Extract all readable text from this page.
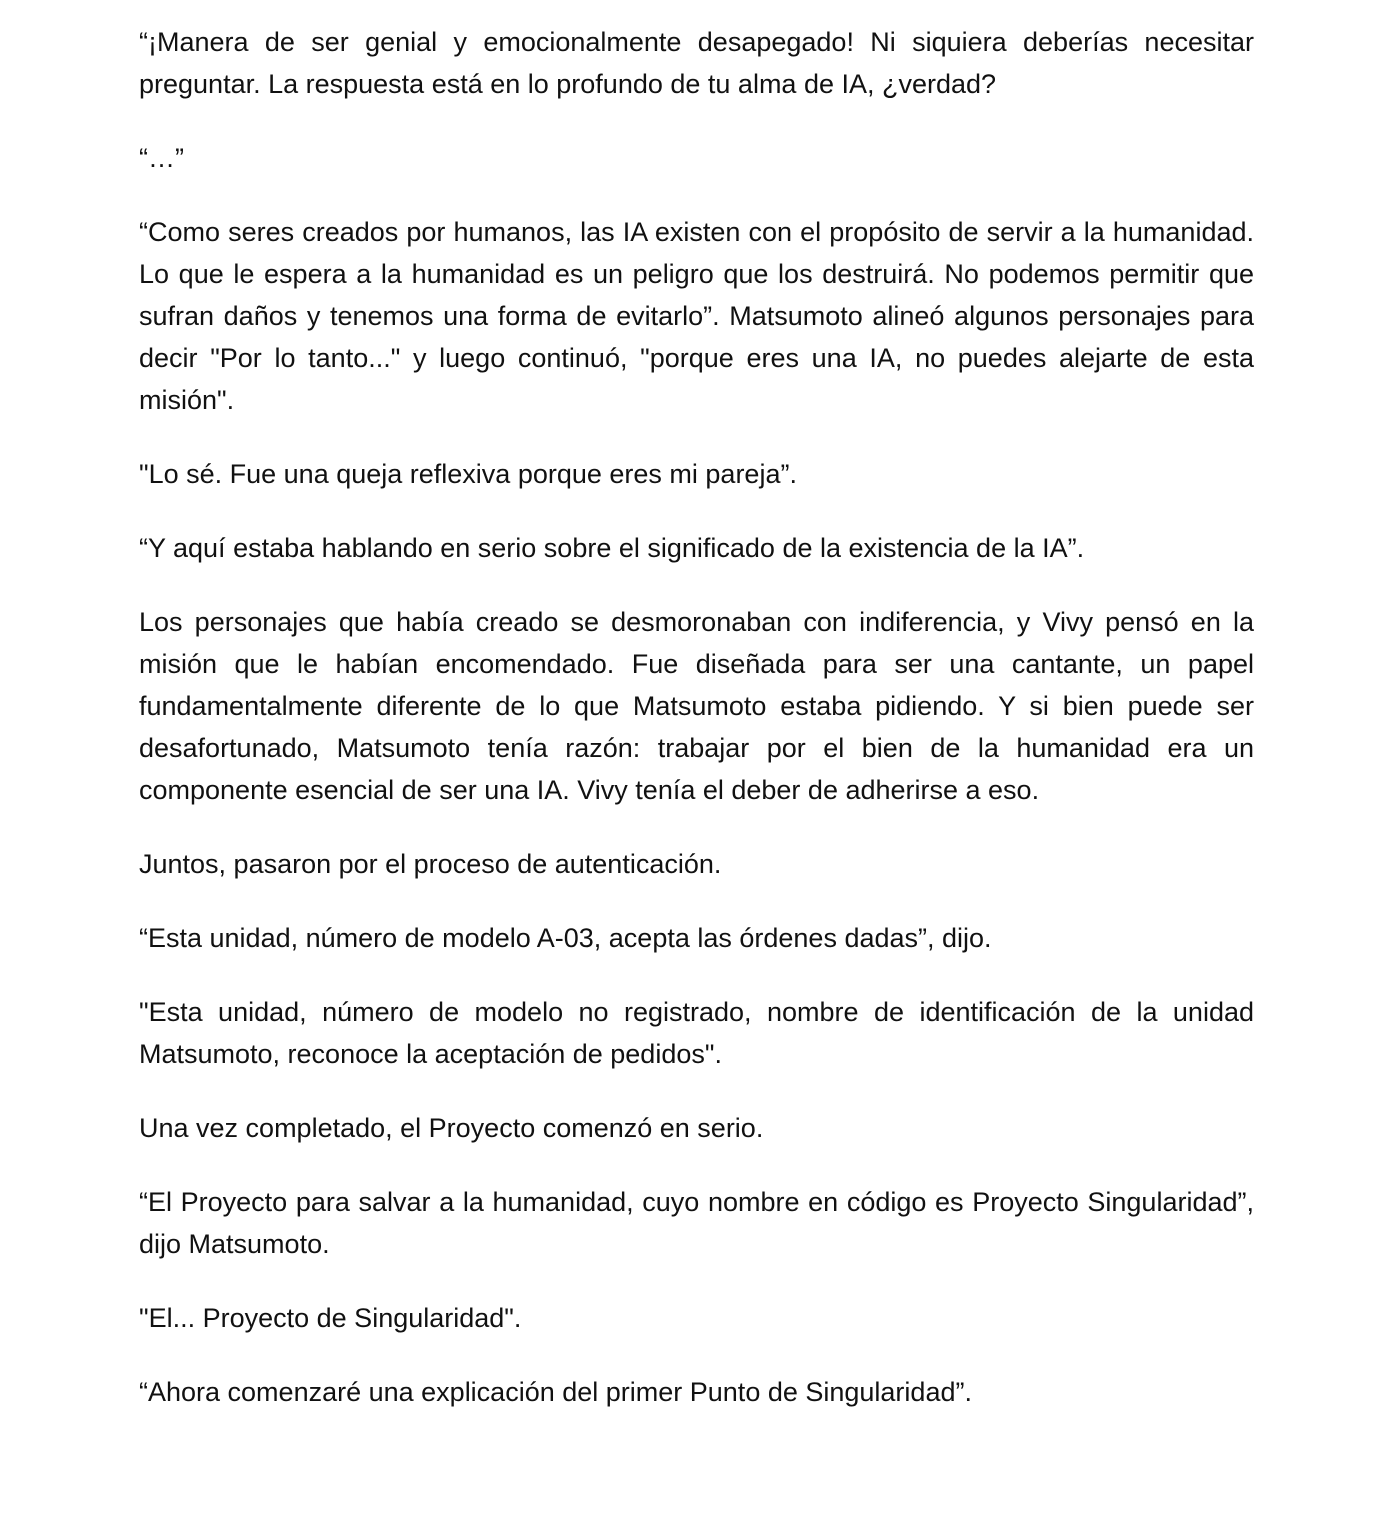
“¡Manera de ser genial y emocionalmente desapegado! Ni siquiera deberías necesitar preguntar. La respuesta está en lo profundo de tu alma de IA, ¿verdad?

“…”

“Como seres creados por humanos, las IA existen con el propósito de servir a la humanidad. Lo que le espera a la humanidad es un peligro que los destruirá. No podemos permitir que sufran daños y tenemos una forma de evitarlo”. Matsumoto alineó algunos personajes para decir "Por lo tanto..." y luego continuó, "porque eres una IA, no puedes alejarte de esta misión".

"Lo sé. Fue una queja reflexiva porque eres mi pareja”.

“Y aquí estaba hablando en serio sobre el significado de la existencia de la IA”.

Los personajes que había creado se desmoronaban con indiferencia, y Vivy pensó en la misión que le habían encomendado. Fue diseñada para ser una cantante, un papel fundamentalmente diferente de lo que Matsumoto estaba pidiendo. Y si bien puede ser desafortunado, Matsumoto tenía razón: trabajar por el bien de la humanidad era un componente esencial de ser una IA. Vivy tenía el deber de adherirse a eso.

Juntos, pasaron por el proceso de autenticación.

“Esta unidad, número de modelo A-03, acepta las órdenes dadas”, dijo.

"Esta unidad, número de modelo no registrado, nombre de identificación de la unidad Matsumoto, reconoce la aceptación de pedidos".

Una vez completado, el Proyecto comenzó en serio.

“El Proyecto para salvar a la humanidad, cuyo nombre en código es Proyecto Singularidad”, dijo Matsumoto.

"El... Proyecto de Singularidad".

“Ahora comenzaré una explicación del primer Punto de Singularidad”.
